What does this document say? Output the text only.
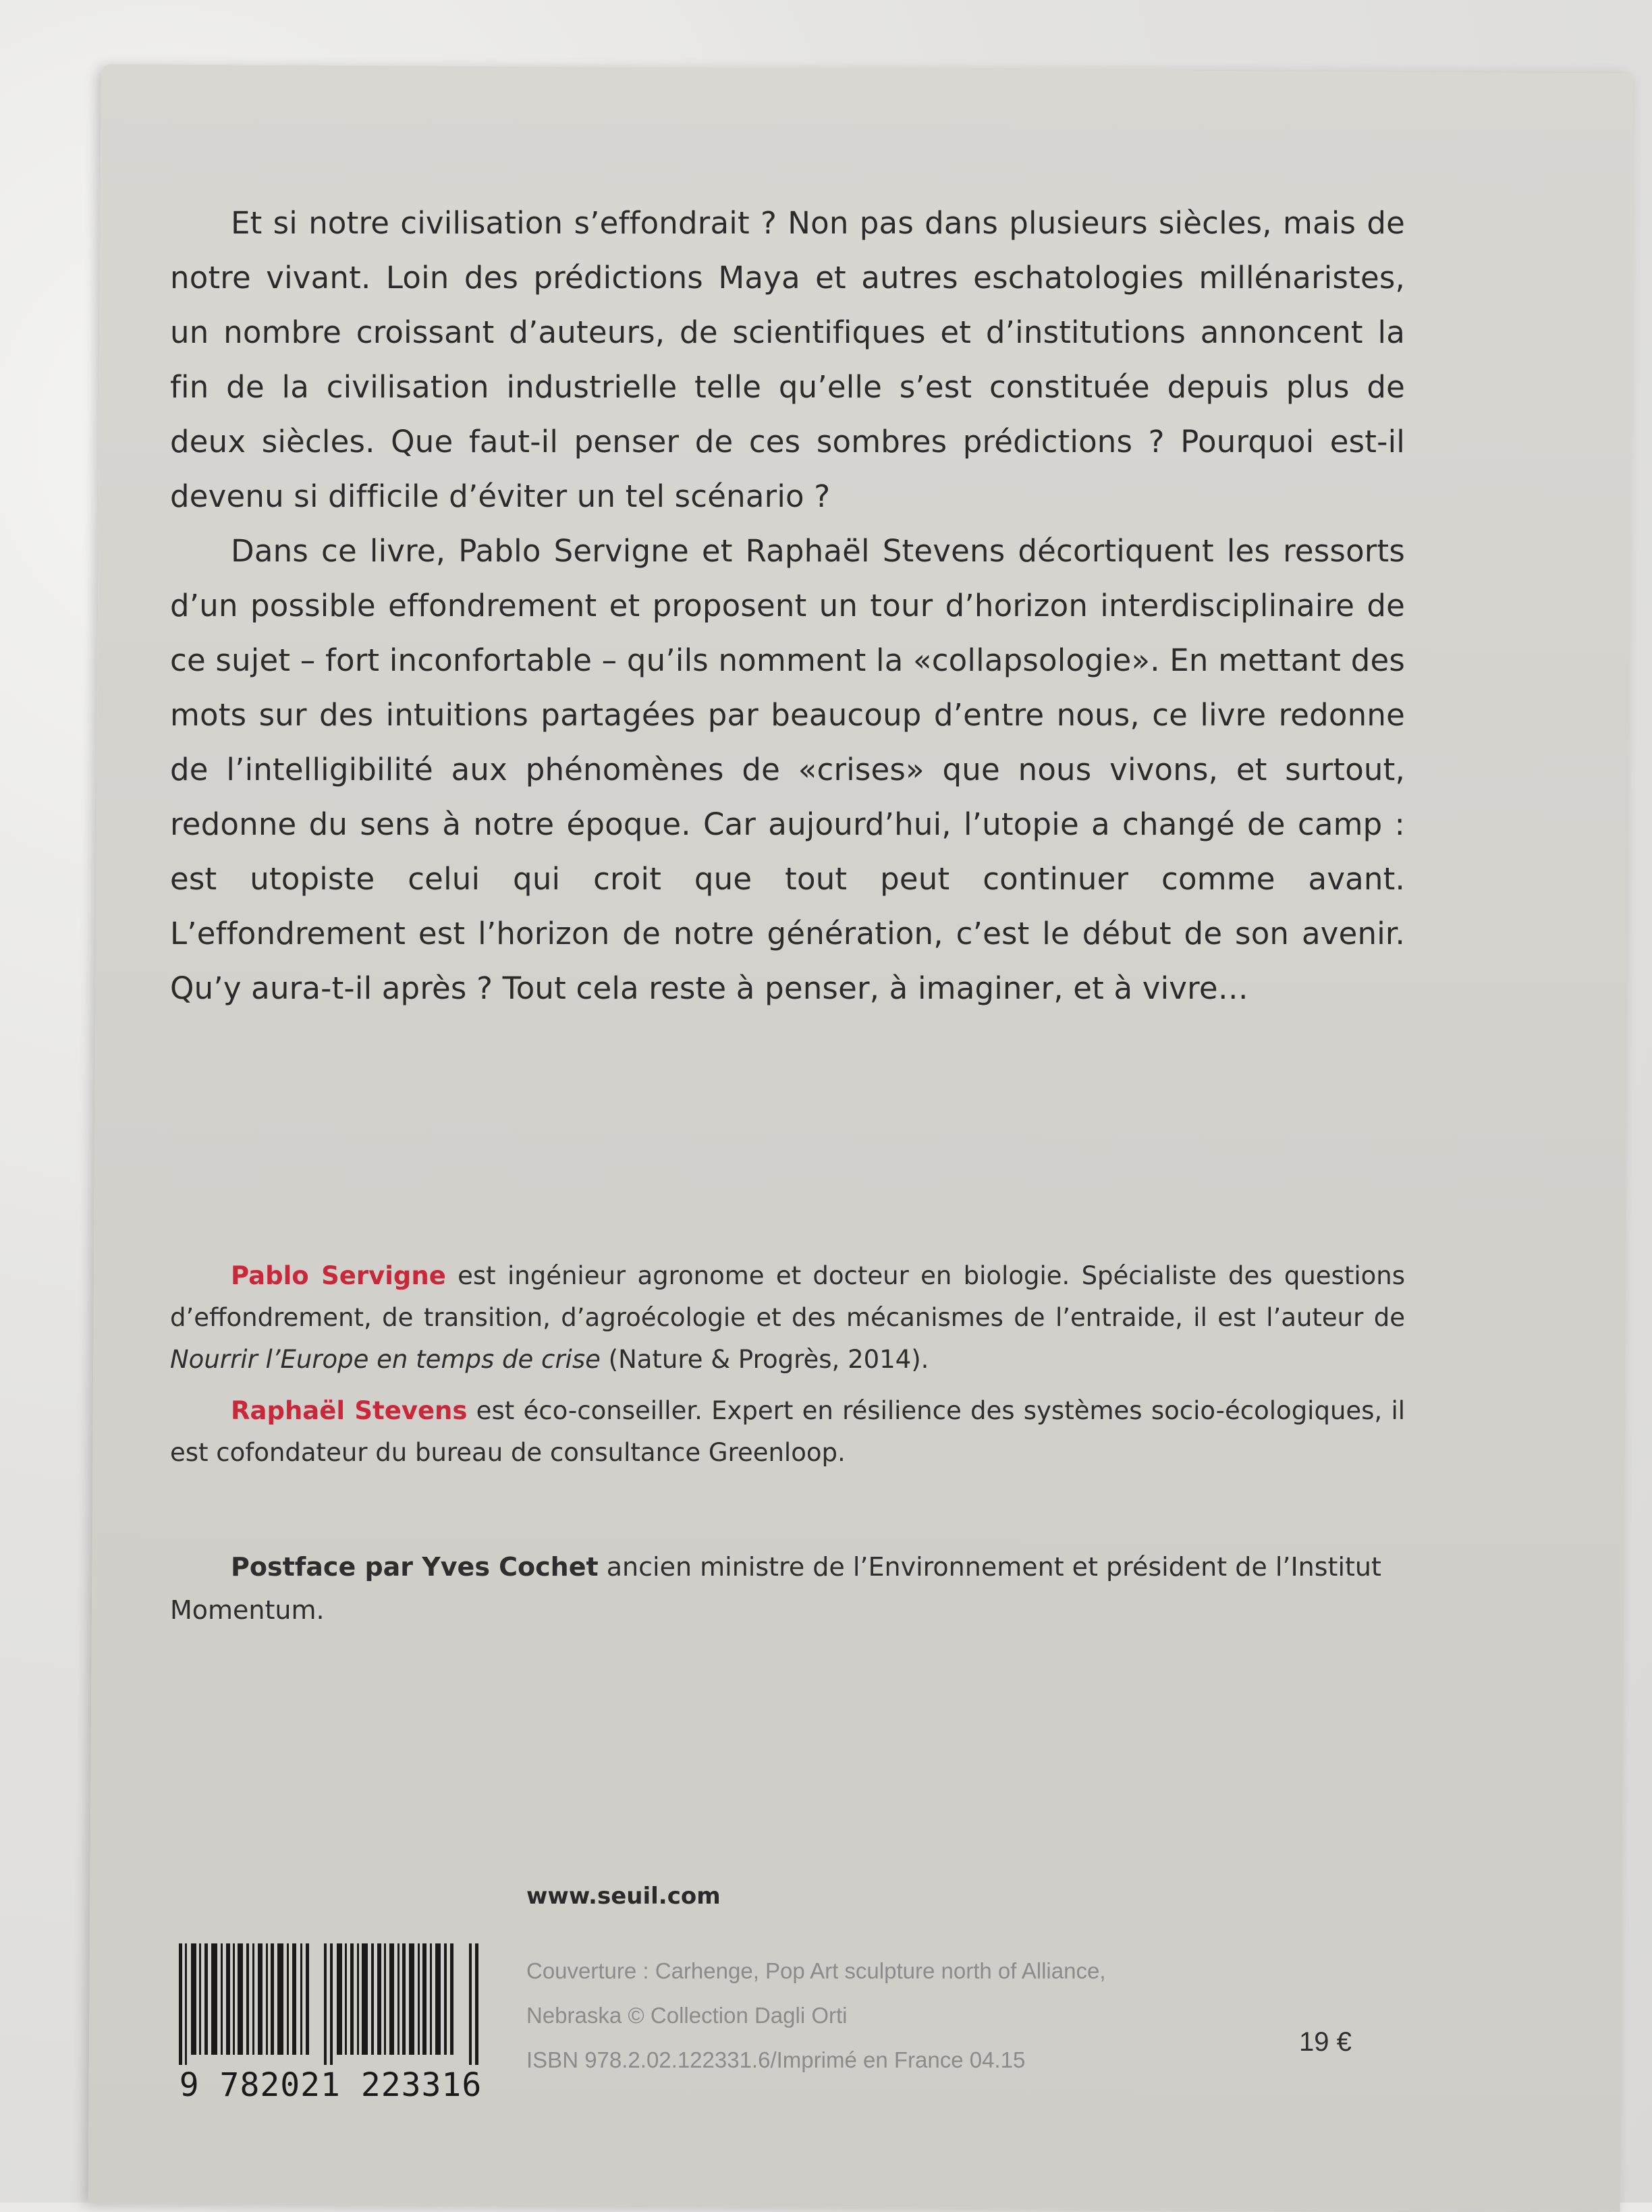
Et si notre civilisation s’effondrait ? Non pas dans plusieurs siècles, mais de notre vivant. Loin des prédictions Maya et autres eschatologies millénaristes, un nombre croissant d’auteurs, de scientifiques et d’institutions annoncent la fin de la civilisation industrielle telle qu’elle s’est constituée depuis plus de deux siècles. Que faut-il penser de ces sombres prédictions ? Pourquoi est-il devenu si difficile d’éviter un tel scénario ?

Dans ce livre, Pablo Servigne et Raphaël Stevens décortiquent les ressorts d’un possible effondrement et proposent un tour d’horizon interdisciplinaire de ce sujet – fort inconfortable – qu’ils nomment la «collapsologie». En mettant des mots sur des intuitions partagées par beaucoup d’entre nous, ce livre redonne de l’intelligibilité aux phénomènes de «crises» que nous vivons, et surtout, redonne du sens à notre époque. Car aujourd’hui, l’utopie a changé de camp : est utopiste celui qui croit que tout peut continuer comme avant. L’effondrement est l’horizon de notre génération, c’est le début de son avenir. Qu’y aura-t-il après ? Tout cela reste à penser, à imaginer, et à vivre…

Pablo Servigne est ingénieur agronome et docteur en biologie. Spécialiste des questions d’effondrement, de transition, d’agroécologie et des mécanismes de l’entraide, il est l’auteur de Nourrir l’Europe en temps de crise (Nature & Progrès, 2014).

Raphaël Stevens est éco-conseiller. Expert en résilience des systèmes socio-écologiques, il est cofondateur du bureau de consultance Greenloop.

Postface par Yves Cochet ancien ministre de l’Environnement et président de l’Institut Momentum.

www.seuil.com
9 782021 223316
Couverture : Carhenge, Pop Art sculpture north of Alliance,
Nebraska © Collection Dagli Orti
ISBN 978.2.02.122331.6/Imprimé en France 04.15
19 €
